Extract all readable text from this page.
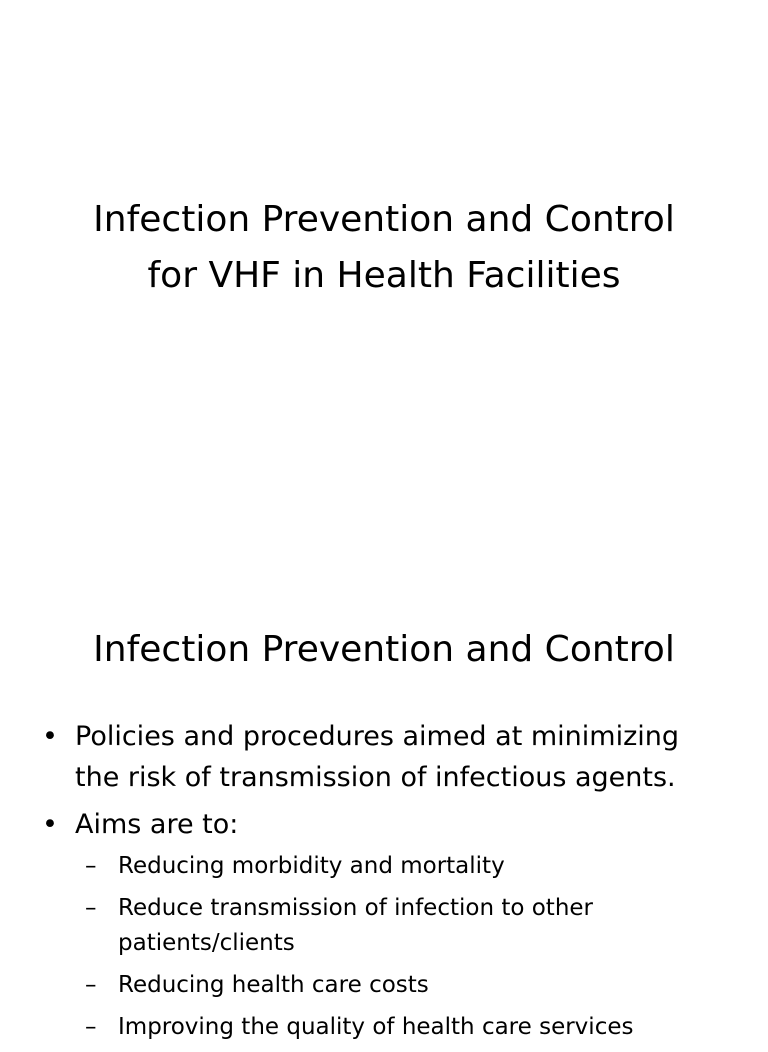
Infection Prevention and Control
for VHF in Health Facilities
Infection Prevention and Control
• Policies and procedures aimed at minimizing the risk of transmission of infectious agents.
• Aims are to:
– Reducing morbidity and mortality
– Reduce transmission of infection to other patients/clients
– Reducing health care costs
– Improving the quality of health care services
